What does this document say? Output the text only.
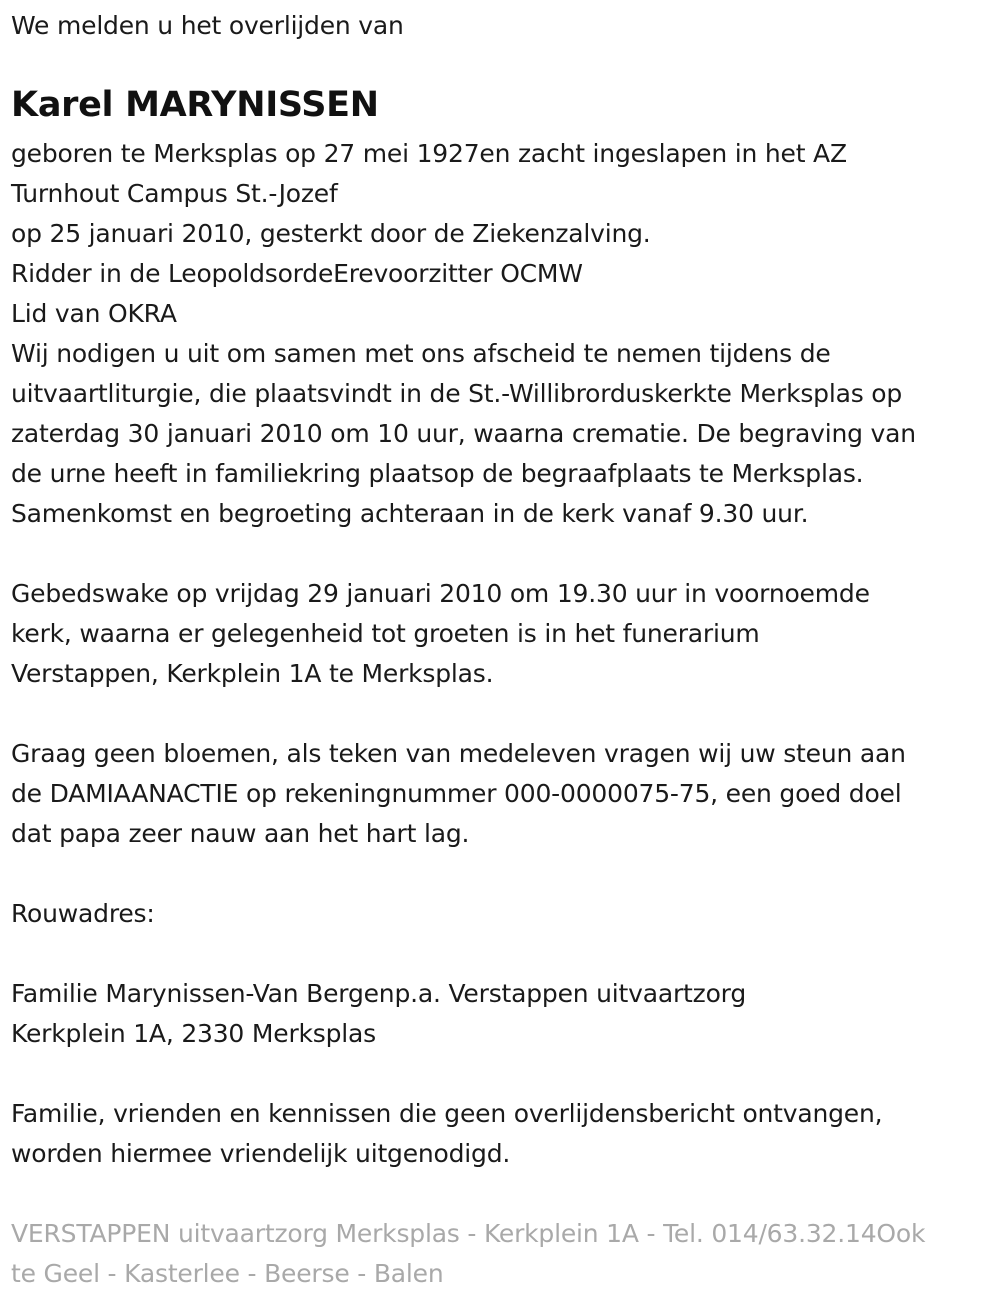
We melden u het overlijden van
Karel MARYNISSEN
geboren te Merksplas op 27 mei 1927en zacht ingeslapen in het AZ
Turnhout Campus St.-Jozef
op 25 januari 2010, gesterkt door de Ziekenzalving.
Ridder in de LeopoldsordeErevoorzitter OCMW
Lid van OKRA
Wij nodigen u uit om samen met ons afscheid te nemen tijdens de
uitvaartliturgie, die plaatsvindt in de St.-Willibrorduskerkte Merksplas op
zaterdag 30 januari 2010 om 10 uur, waarna crematie. De begraving van
de urne heeft in familiekring plaatsop de begraafplaats te Merksplas.
Samenkomst en begroeting achteraan in de kerk vanaf 9.30 uur.
Gebedswake op vrijdag 29 januari 2010 om 19.30 uur in voornoemde
kerk, waarna er gelegenheid tot groeten is in het funerarium
Verstappen, Kerkplein 1A te Merksplas.
Graag geen bloemen, als teken van medeleven vragen wij uw steun aan
de DAMIAANACTIE op rekeningnummer 000-0000075-75, een goed doel
dat papa zeer nauw aan het hart lag.
Rouwadres:
Familie Marynissen-Van Bergenp.a. Verstappen uitvaartzorg
Kerkplein 1A, 2330 Merksplas
Familie, vrienden en kennissen die geen overlijdensbericht ontvangen,
worden hiermee vriendelijk uitgenodigd.
VERSTAPPEN uitvaartzorg Merksplas - Kerkplein 1A - Tel. 014/63.32.14Ook
te Geel - Kasterlee - Beerse - Balen
